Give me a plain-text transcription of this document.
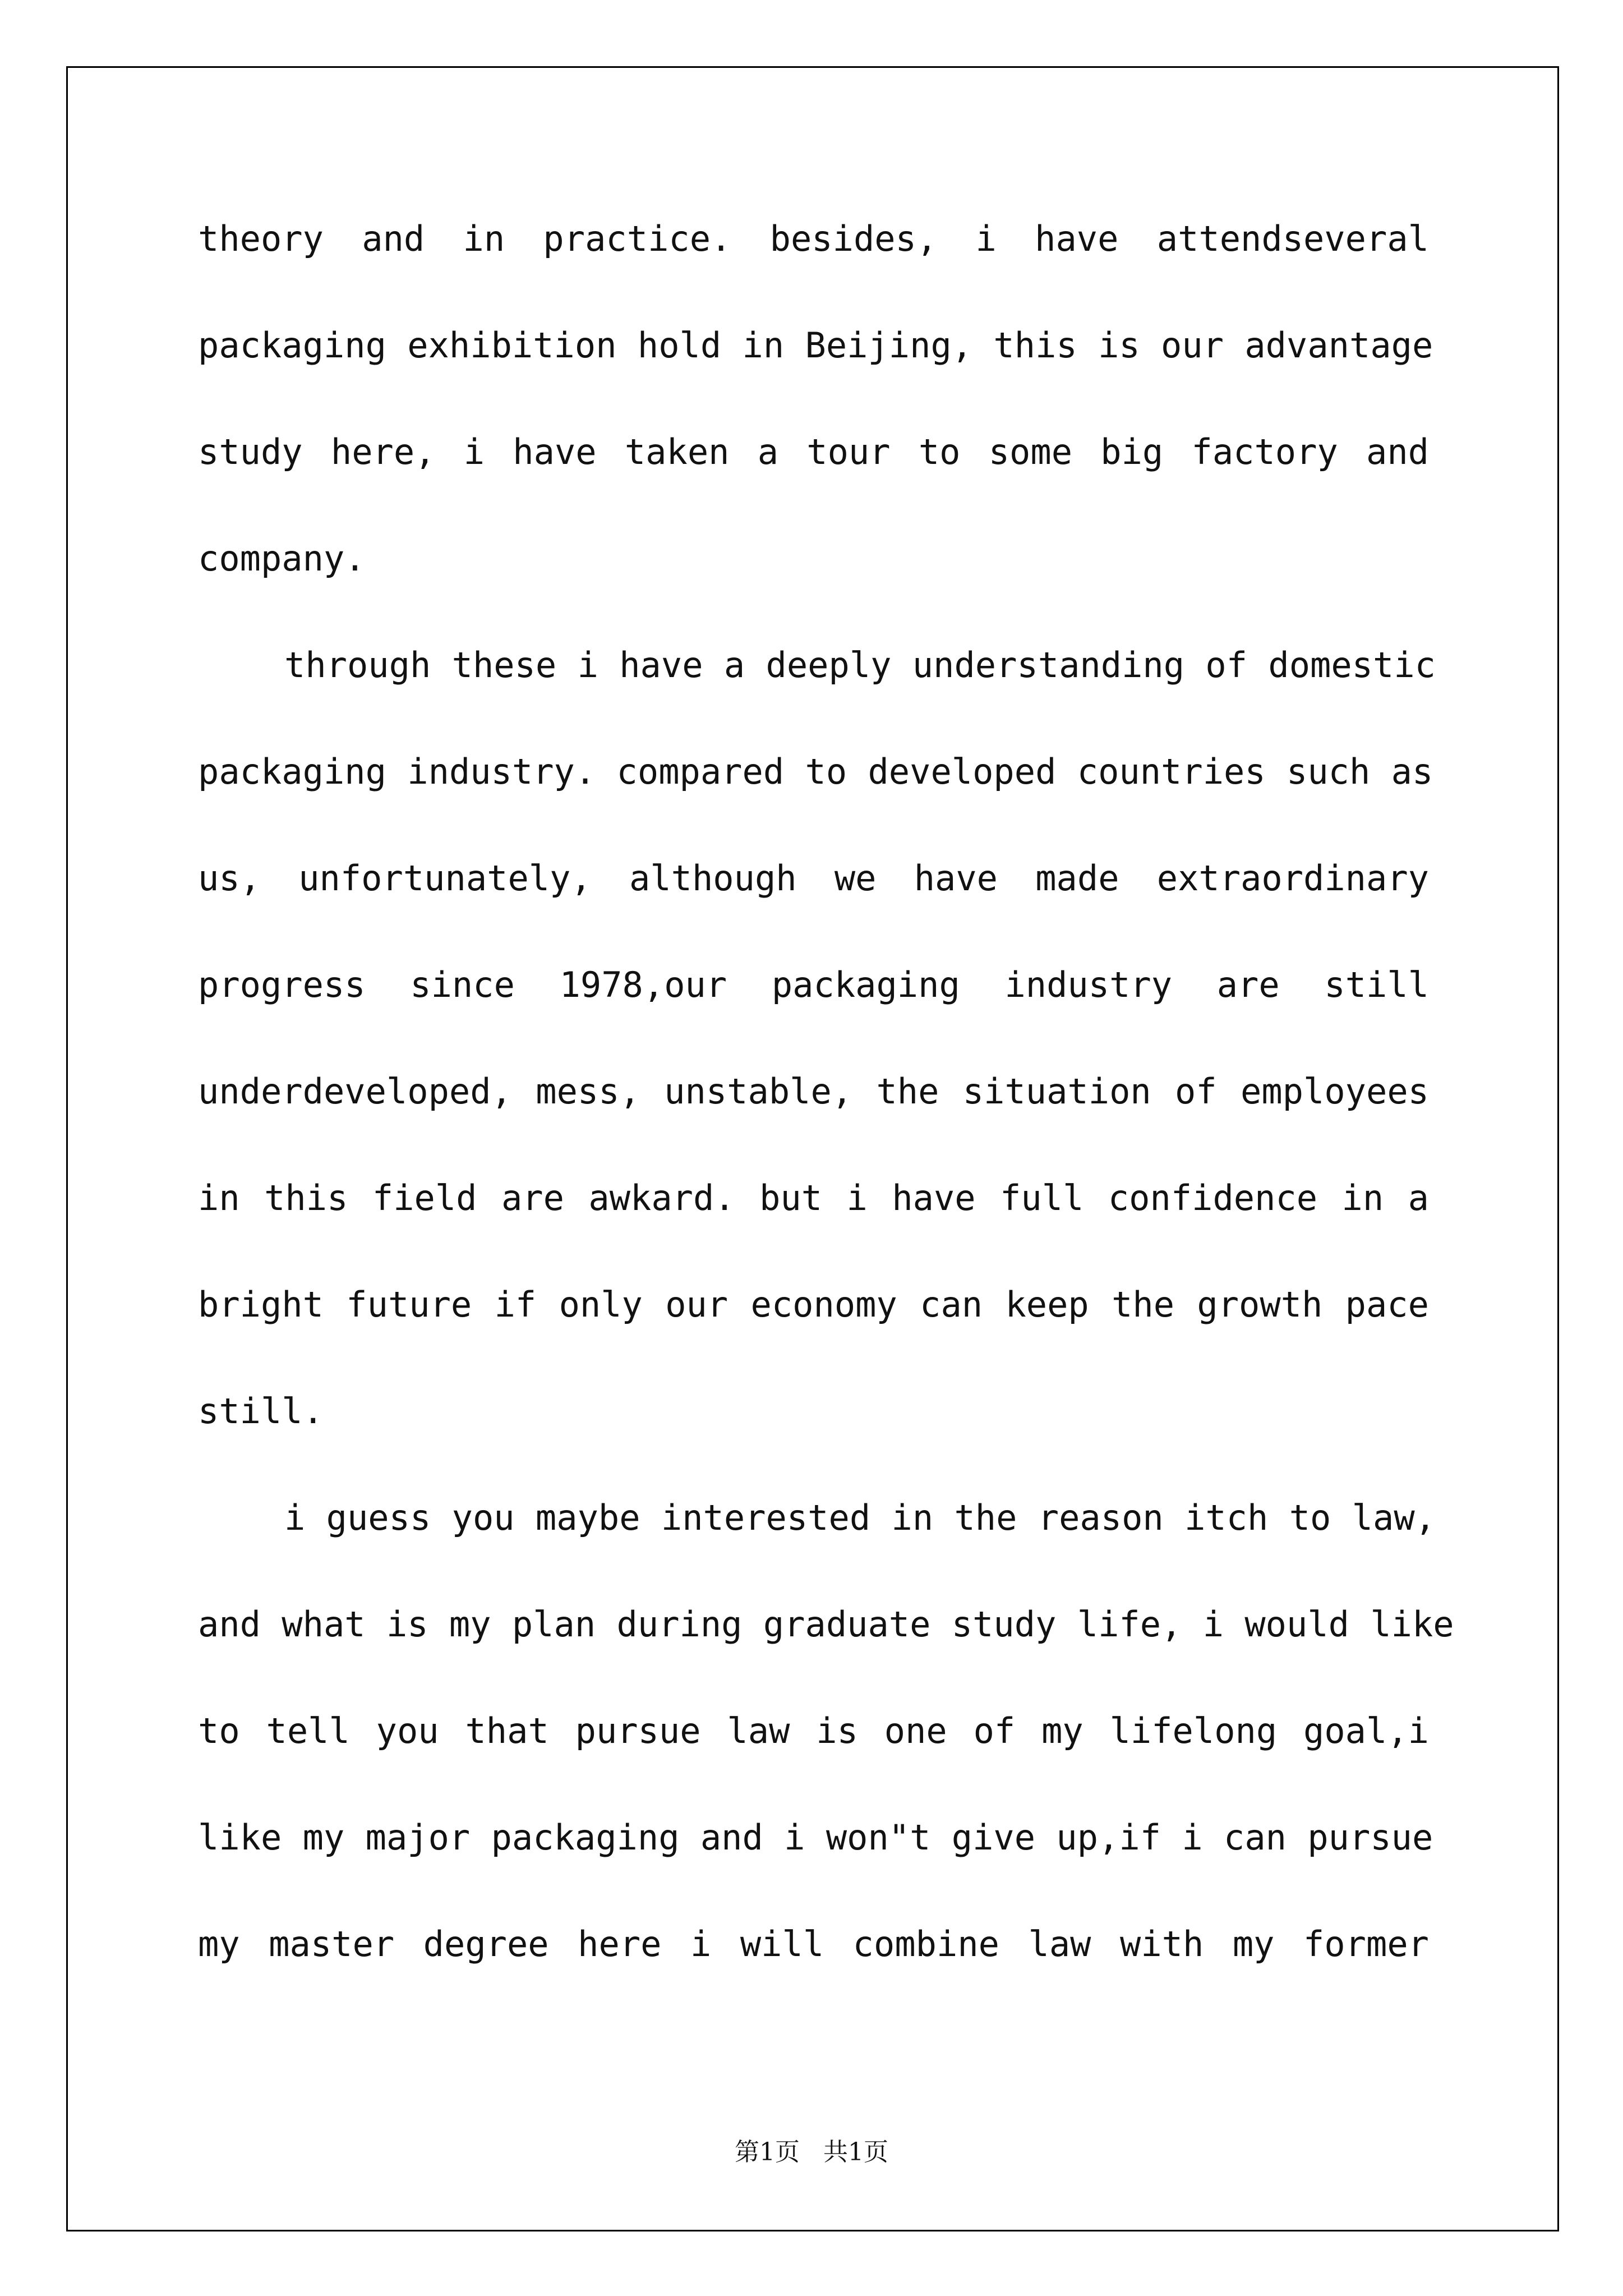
theory and in practice. besides, i have attendseveral
packaging exhibition hold in Beijing, this is our advantage
study here, i have taken a tour to some big factory and
company.
through these i have a deeply understanding of domestic
packaging industry. compared to developed countries such as
us, unfortunately, although we have made extraordinary
progress since 1978,our packaging industry are still
underdeveloped, mess, unstable, the situation of employees
in this field are awkard. but i have full confidence in a
bright future if only our economy can keep the growth pace
still.
i guess you maybe interested in the reason itch to law,
and what is my plan during graduate study life, i would like
to tell you that pursue law is one of my lifelong goal,i
like my major packaging and i won"t give up,if i can pursue
my master degree here i will combine law with my former
第1页 共1页
